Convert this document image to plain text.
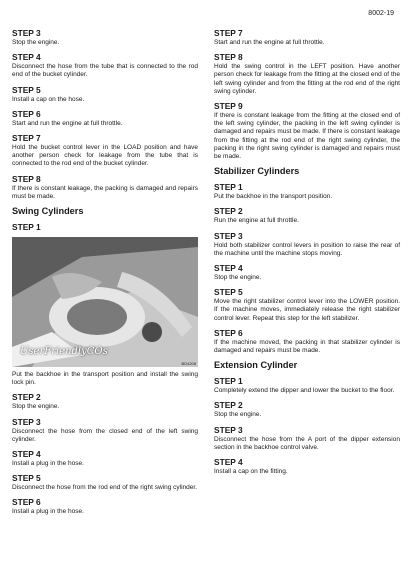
8002-19
STEP 3
Stop the engine.
STEP 4
Disconnect the hose from the tube that is connected to the rod end of the bucket cylinder.
STEP 5
Install a cap on the hose.
STEP 6
Start and run the engine at full throttle.
STEP 7
Hold the bucket control lever in the LOAD position and have another person check for leakage from the tube that is connected to the rod end of the bucket cylinder.
STEP 8
If there is constant leakage, the packing is damaged and repairs must be made.
Swing Cylinders
STEP 1
UserFriendlyCOs
BD4208
Put the backhoe in the transport position and install the swing lock pin.
STEP 2
Stop the engine.
STEP 3
Disconnect the hose from the closed end of the left swing cylinder.
STEP 4
Install a plug in the hose.
STEP 5
Disconnect the hose from the rod end of the right swing cylinder.
STEP 6
Install a plug in the hose.
STEP 7
Start and run the engine at full throttle.
STEP 8
Hold the swing control in the LEFT position. Have another person check for leakage from the fitting at the closed end of the left swing cylinder and from the fitting at the rod end of the right swing cylinder.
STEP 9
If there is constant leakage from the fitting at the closed end of the left swing cylinder, the packing in the left swing cylinder is damaged and repairs must be made. If there is constant leakage from the fitting at the rod end of the right swing cylinder, the packing in the right swing cylinder is damaged and repairs must be made.
Stabilizer Cylinders
STEP 1
Put the backhoe in the transport position.
STEP 2
Run the engine at full throttle.
STEP 3
Hold both stabilizer control levers in position to raise the rear of the machine until the machine stops moving.
STEP 4
Stop the engine.
STEP 5
Move the right stabilizer control lever into the LOWER position. If the machine moves, immediately release the right stabilizer control lever. Repeat this step for the left stabilizer.
STEP 6
If the machine moved, the packing in that stabilizer cylinder is damaged and repairs must be made.
Extension Cylinder
STEP 1
Completely extend the dipper and lower the bucket to the floor.
STEP 2
Stop the engine.
STEP 3
Disconnect the hose from the A port of the dipper extension section in the backhoe control valve.
STEP 4
Install a cap on the fitting.
